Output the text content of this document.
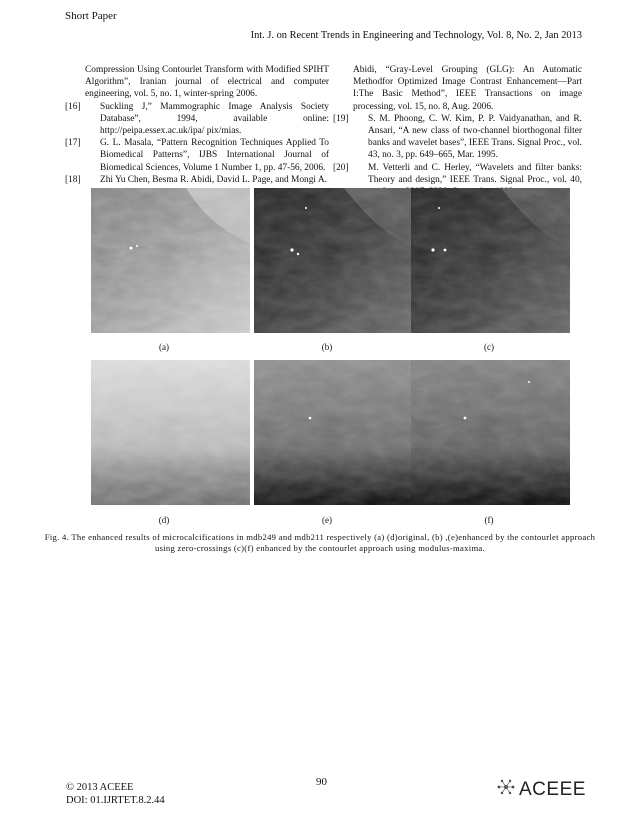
Short Paper
Int. J. on Recent Trends in Engineering and Technology, Vol. 8, No. 2, Jan 2013
Compression Using Contourlet Transform with Modified SPIHT Algorithm”, Iranian journal of electrical and computer engineering, vol. 5, no. 1, winter-spring 2006.
[16] Suckling J,” Mammographic Image Analysis Society Database”, 1994, available online: http://peipa.essex.ac.uk/ipa/ pix/mias.
[17] G. L. Masala, “Pattern Recognition Techniques Applied To Biomedical Patterns”, IJBS International Journal of Biomedical Sciences, Volume 1 Number 1, pp. 47-56, 2006.
[18] Zhi Yu Chen, Besma R. Abidi, David L. Page, and Mongi A.
Abidi, “Gray-Level Grouping (GLG): An Automatic Methodfor Optimized Image Contrast Enhancement—Part I:The Basic Method”, IEEE Transactions on image processing, vol. 15, no. 8, Aug. 2006.
[19] S. M. Phoong, C. W. Kim, P. P. Vaidyanathan, and R. Ansari, “A new class of two-channel biorthogonal filter banks and wavelet bases”, IEEE Trans. Signal Proc., vol. 43, no. 3, pp. 649–665, Mar. 1995.
[20] M. Vetterli and C. Herley, “Wavelets and filter banks: Theory and design,” IEEE Trans. Signal Proc., vol. 40,
(a)	(b)	(c)
(d)	(e)	(f)
Fig. 4. The enhanced results of microcalcifications in mdb249 and mdb211 respectively (a) (d)original, (b) ,(e)enhanced by the contourlet approach using zero-crossings (c)(f) enhanced by the contourlet approach using modulus-maxima.
© 2013 ACEEE
DOI: 01.IJRTET.8.2.44
90	ACEEE
